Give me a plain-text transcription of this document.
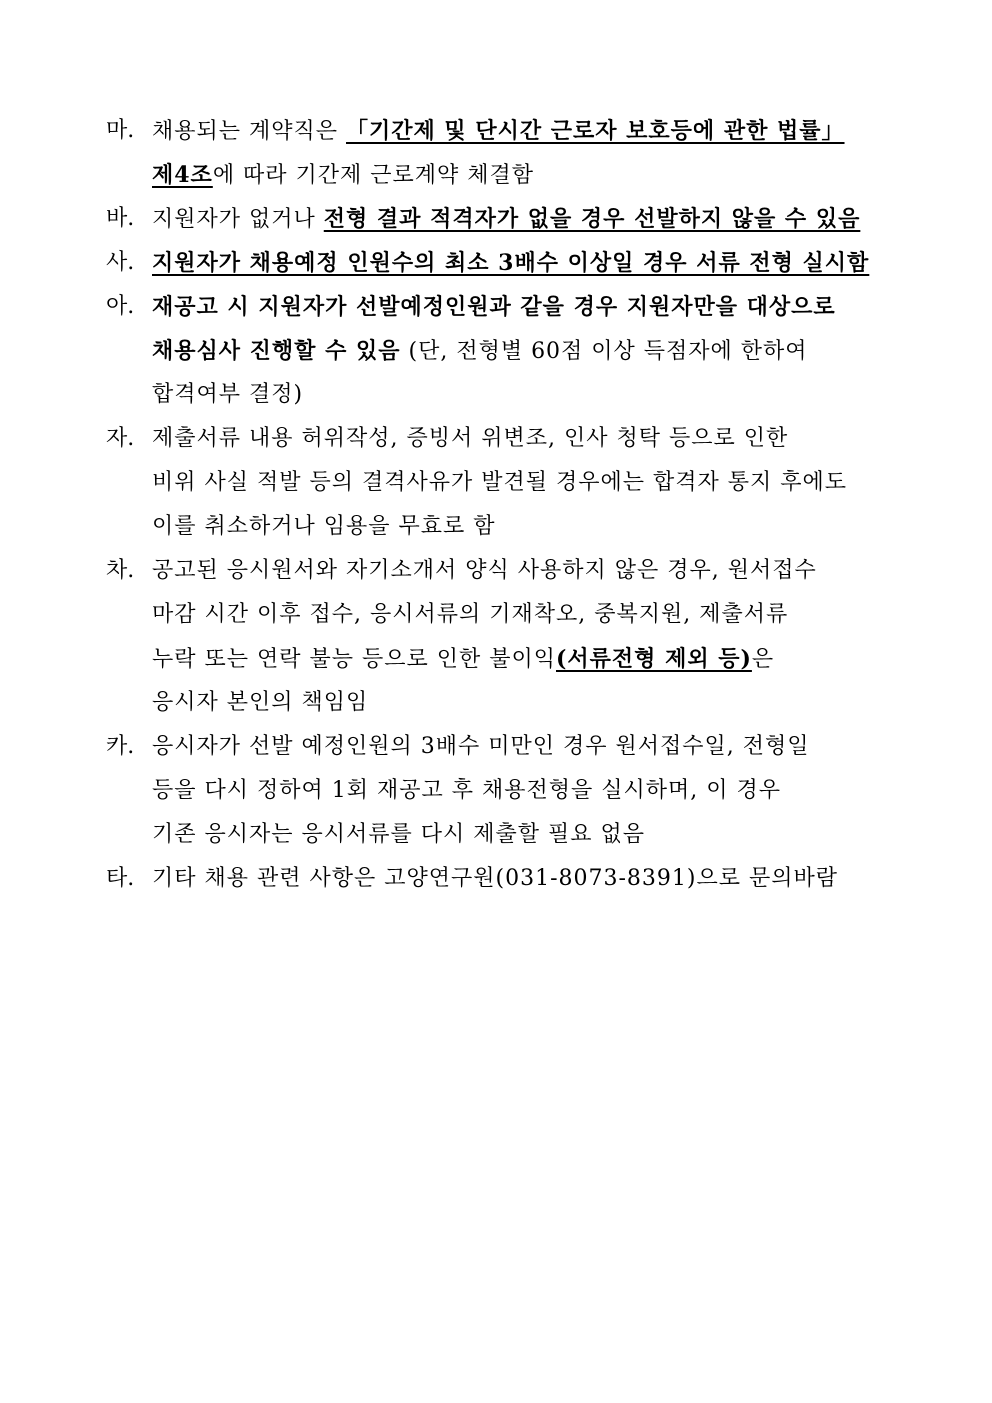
마. 채용되는 계약직은 「기간제 및 단시간 근로자 보호등에 관한 법률」
제4조에 따라 기간제 근로계약 체결함
바. 지원자가 없거나 전형 결과 적격자가 없을 경우 선발하지 않을 수 있음
사. 지원자가 채용예정 인원수의 최소 3배수 이상일 경우 서류 전형 실시함
아. 재공고 시 지원자가 선발예정인원과 같을 경우 지원자만을 대상으로
채용심사 진행할 수 있음 (단, 전형별 60점 이상 득점자에 한하여
합격여부 결정)
자. 제출서류 내용 허위작성, 증빙서 위변조, 인사 청탁 등으로 인한
비위 사실 적발 등의 결격사유가 발견될 경우에는 합격자 통지 후에도
이를 취소하거나 임용을 무효로 함
차. 공고된 응시원서와 자기소개서 양식 사용하지 않은 경우, 원서접수
마감 시간 이후 접수, 응시서류의 기재착오, 중복지원, 제출서류
누락 또는 연락 불능 등으로 인한 불이익(서류전형 제외 등)은
응시자 본인의 책임임
카. 응시자가 선발 예정인원의 3배수 미만인 경우 원서접수일, 전형일
등을 다시 정하여 1회 재공고 후 채용전형을 실시하며, 이 경우
기존 응시자는 응시서류를 다시 제출할 필요 없음
타. 기타 채용 관련 사항은 고양연구원(031-8073-8391)으로 문의바람
